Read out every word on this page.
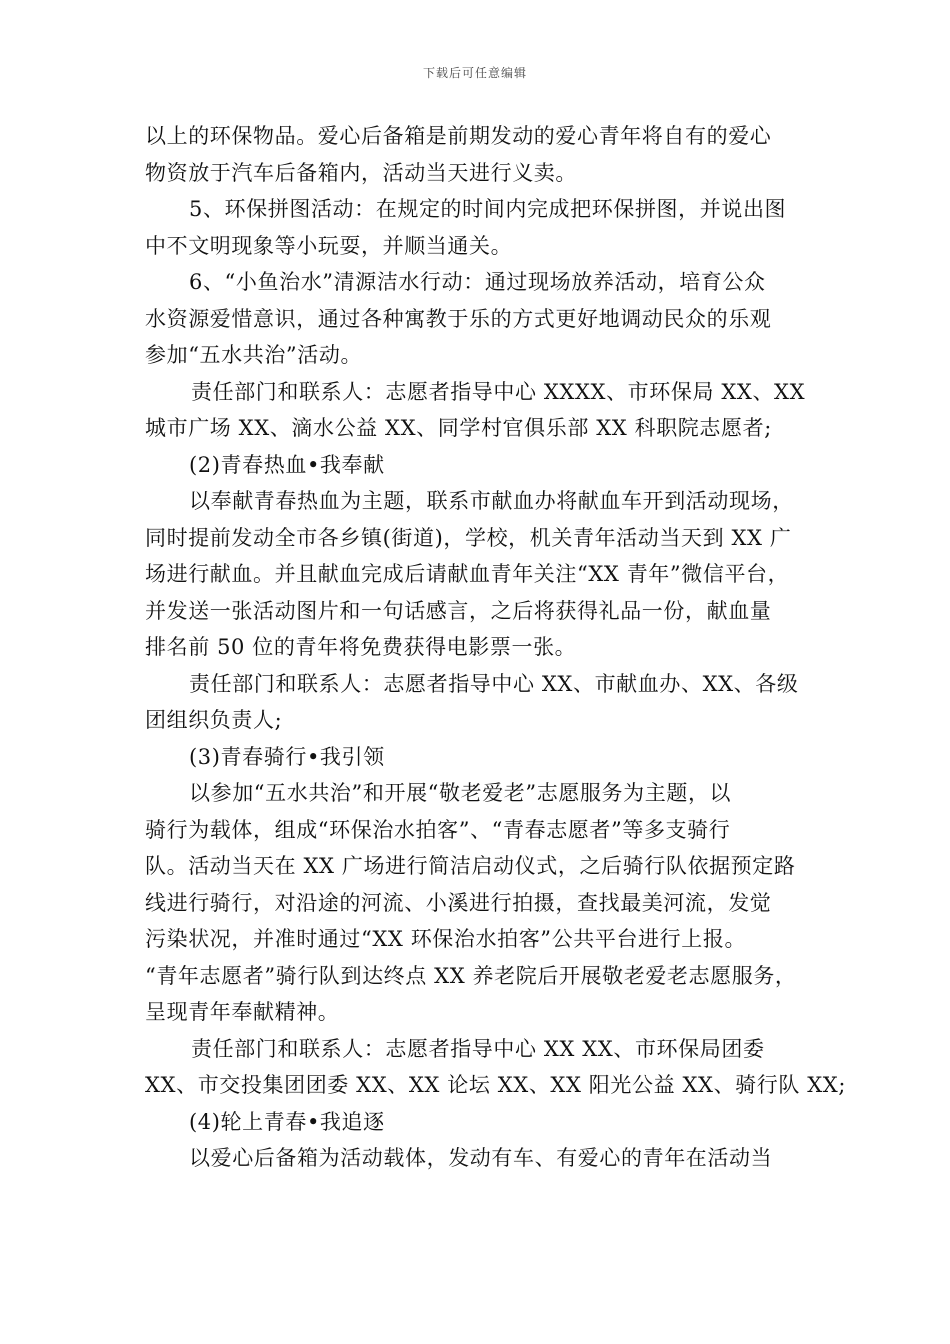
下载后可任意编辑
以上的环保物品。爱心后备箱是前期发动的爱心青年将自有的爱心
物资放于汽车后备箱内，活动当天进行义卖。
5、环保拼图活动：在规定的时间内完成把环保拼图，并说出图
中不文明现象等小玩耍，并顺当通关。
6、“小鱼治水”清源洁水行动：通过现场放养活动，培育公众
水资源爱惜意识，通过各种寓教于乐的方式更好地调动民众的乐观
参加“五水共治”活动。
责任部门和联系人：志愿者指导中心 XXXX、市环保局 XX、XX
城市广场 XX、滴水公益 XX、同学村官俱乐部 XX 科职院志愿者;
(2)青春热血•我奉献
以奉献青春热血为主题，联系市献血办将献血车开到活动现场，
同时提前发动全市各乡镇(街道)，学校，机关青年活动当天到 XX 广
场进行献血。并且献血完成后请献血青年关注“XX 青年”微信平台，
并发送一张活动图片和一句话感言，之后将获得礼品一份，献血量
排名前 50 位的青年将免费获得电影票一张。
责任部门和联系人：志愿者指导中心 XX、市献血办、XX、各级
团组织负责人;
(3)青春骑行•我引领
以参加“五水共治”和开展“敬老爱老”志愿服务为主题，以
骑行为载体，组成“环保治水拍客”、“青春志愿者”等多支骑行
队。活动当天在 XX 广场进行简洁启动仪式，之后骑行队依据预定路
线进行骑行，对沿途的河流、小溪进行拍摄，查找最美河流，发觉
污染状况，并准时通过“XX 环保治水拍客”公共平台进行上报。
“青年志愿者”骑行队到达终点 XX 养老院后开展敬老爱老志愿服务，
呈现青年奉献精神。
责任部门和联系人：志愿者指导中心 XX XX、市环保局团委
XX、市交投集团团委 XX、XX 论坛 XX、XX 阳光公益 XX、骑行队 XX;
(4)轮上青春•我追逐
以爱心后备箱为活动载体，发动有车、有爱心的青年在活动当
